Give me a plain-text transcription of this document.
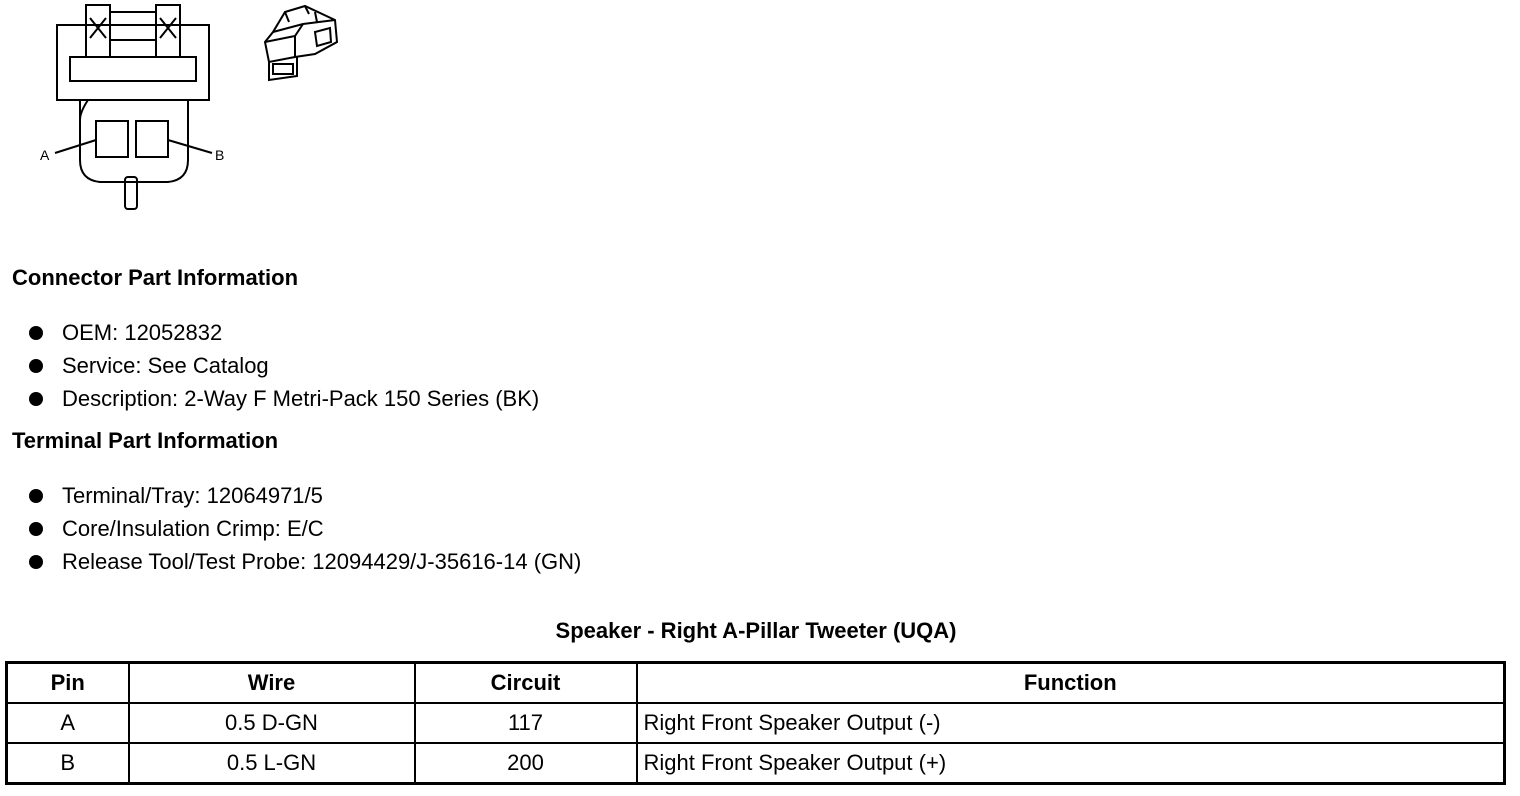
A	B
Connector Part Information
OEM: 12052832
Service: See Catalog
Description: 2-Way F Metri-Pack 150 Series (BK)
Terminal Part Information
Terminal/Tray: 12064971/5
Core/Insulation Crimp: E/C
Release Tool/Test Probe: 12094429/J-35616-14 (GN)
Speaker - Right A-Pillar Tweeter (UQA)
Pin	Wire	Circuit	Function
A	0.5 D-GN	117	Right Front Speaker Output (-)
B	0.5 L-GN	200	Right Front Speaker Output (+)
